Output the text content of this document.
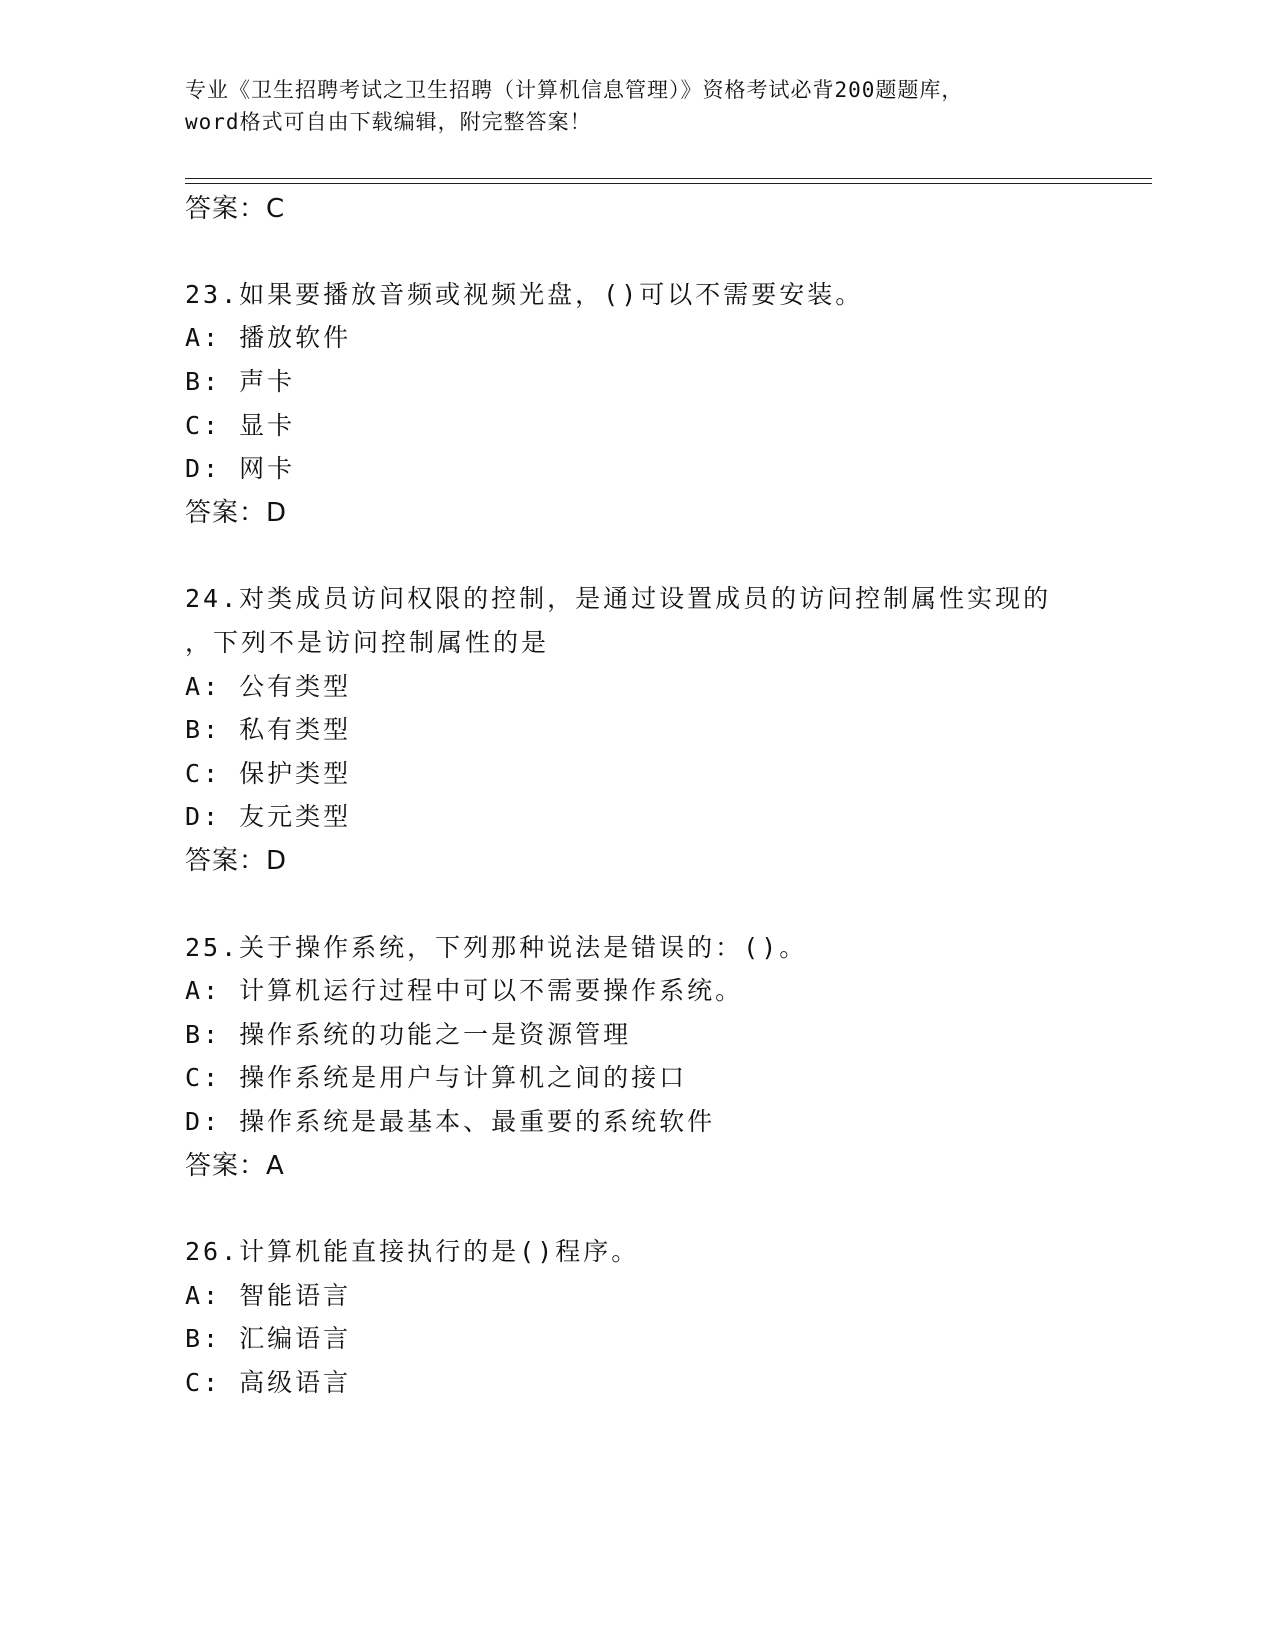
专业《卫生招聘考试之卫生招聘（计算机信息管理）》资格考试必背200题题库，
word格式可自由下载编辑，附完整答案！
答案：C
23.如果要播放音频或视频光盘，()可以不需要安装。
A: 播放软件
B: 声卡
C: 显卡
D: 网卡
答案：D
24.对类成员访问权限的控制，是通过设置成员的访问控制属性实现的
，下列不是访问控制属性的是
A: 公有类型
B: 私有类型
C: 保护类型
D: 友元类型
答案：D
25.关于操作系统，下列那种说法是错误的：()。
A: 计算机运行过程中可以不需要操作系统。
B: 操作系统的功能之一是资源管理
C: 操作系统是用户与计算机之间的接口
D: 操作系统是最基本、最重要的系统软件
答案：A
26.计算机能直接执行的是()程序。
A: 智能语言
B: 汇编语言
C: 高级语言
